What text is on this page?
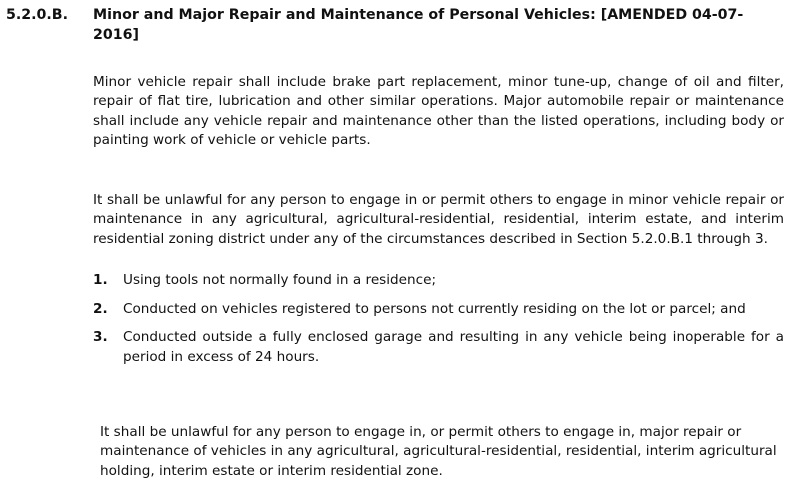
5.2.0.B.	Minor and Major Repair and Maintenance of Personal Vehicles: [AMENDED 04-07-2016]

Minor vehicle repair shall include brake part replacement, minor tune-up, change of oil and filter, repair of flat tire, lubrication and other similar operations. Major automobile repair or maintenance shall include any vehicle repair and maintenance other than the listed operations, including body or painting work of vehicle or vehicle parts.

It shall be unlawful for any person to engage in or permit others to engage in minor vehicle repair or maintenance in any agricultural, agricultural-residential, residential, interim estate, and interim residential zoning district under any of the circumstances described in Section 5.2.0.B.1 through 3.

1. Using tools not normally found in a residence;
2. Conducted on vehicles registered to persons not currently residing on the lot or parcel; and
3. Conducted outside a fully enclosed garage and resulting in any vehicle being inoperable for a period in excess of 24 hours.

It shall be unlawful for any person to engage in, or permit others to engage in, major repair or maintenance of vehicles in any agricultural, agricultural-residential, residential, interim agricultural holding, interim estate or interim residential zone.
